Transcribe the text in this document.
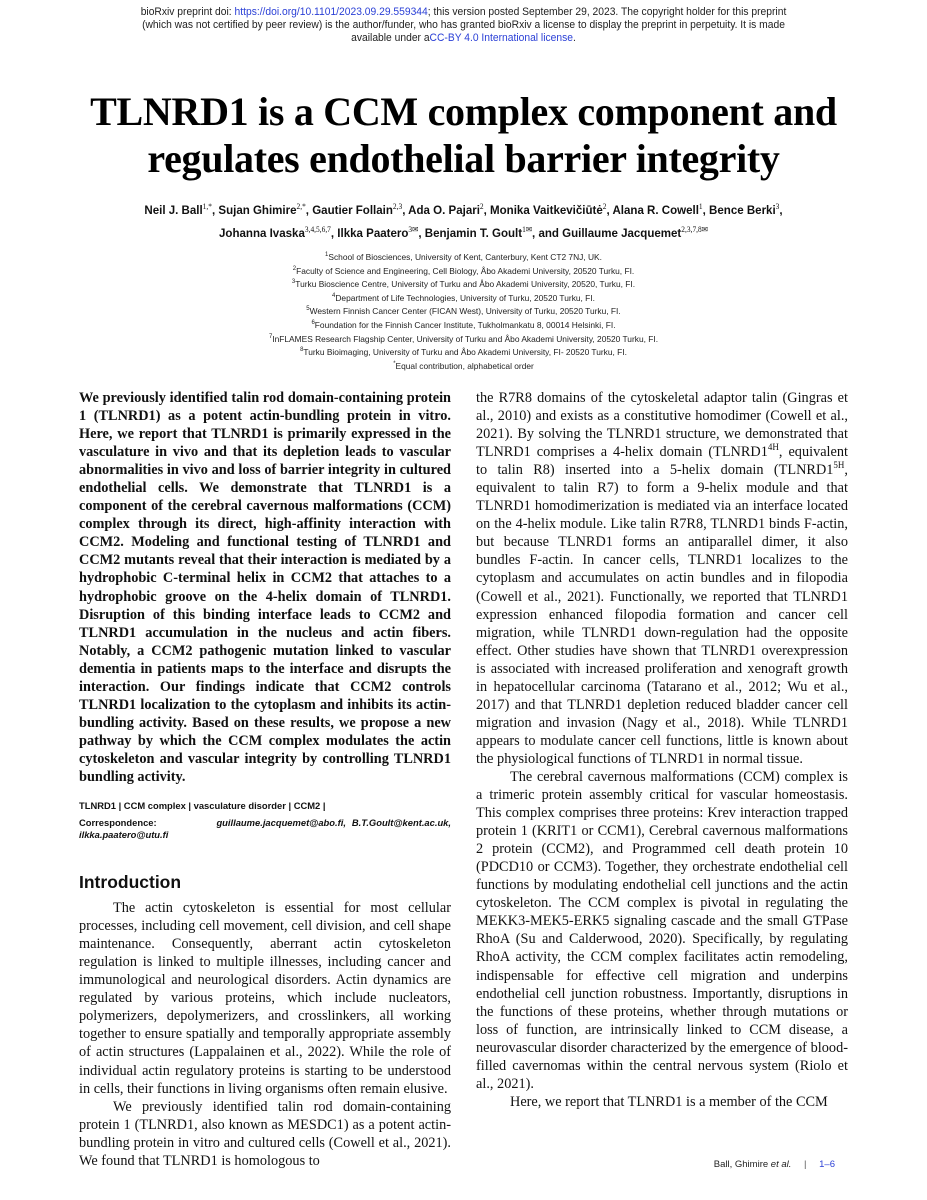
bioRxiv preprint doi: https://doi.org/10.1101/2023.09.29.559344; this version posted September 29, 2023. The copyright holder for this preprint
(which was not certified by peer review) is the author/funder, who has granted bioRxiv a license to display the preprint in perpetuity. It is made
available under aCC-BY 4.0 International license.
TLNRD1 is a CCM complex component and
regulates endothelial barrier integrity
Neil J. Ball$^{1,*}$, Sujan Ghimire$^{2,*}$, Gautier Follain$^{2,3}$, Ada O. Pajari$^2$, Monika Vaitkevičiūtė$^2$, Alana R. Cowell$^1$, Bence Berki$^3$,
Johanna Ivaska$^{3,4,5,6,7}$, Ilkka Paatero$^{3✉}$, Benjamin T. Goult$^{1✉}$, and Guillaume Jacquemet$^{2,3,7,8✉}$
$^1$School of Biosciences, University of Kent, Canterbury, Kent CT2 7NJ, UK.
$^2$Faculty of Science and Engineering, Cell Biology, Åbo Akademi University, 20520 Turku, FI.
$^3$Turku Bioscience Centre, University of Turku and Åbo Akademi University, 20520, Turku, FI.
$^4$Department of Life Technologies, University of Turku, 20520 Turku, FI.
$^5$Western Finnish Cancer Center (FICAN West), University of Turku, 20520 Turku, FI.
$^6$Foundation for the Finnish Cancer Institute, Tukholmankatu 8, 00014 Helsinki, FI.
$^7$InFLAMES Research Flagship Center, University of Turku and Åbo Akademi University, 20520 Turku, FI.
$^8$Turku Bioimaging, University of Turku and Åbo Akademi University, FI- 20520 Turku, FI.
*Equal contribution, alphabetical order

We previously identified talin rod domain-containing protein 1 (TLNRD1) as a potent actin-bundling protein in vitro. Here, we report that TLNRD1 is primarily expressed in the vasculature in vivo and that its depletion leads to vascular abnormalities in vivo and loss of barrier integrity in cultured endothelial cells. We demonstrate that TLNRD1 is a component of the cerebral cavernous malformations (CCM) complex through its direct, high-affinity interaction with CCM2. Modeling and functional testing of TLNRD1 and CCM2 mutants reveal that their interaction is mediated by a hydrophobic C-terminal helix in CCM2 that attaches to a hydrophobic groove on the 4-helix domain of TLNRD1. Disruption of this binding interface leads to CCM2 and TLNRD1 accumulation in the nucleus and actin fibers. Notably, a CCM2 pathogenic mutation linked to vascular dementia in patients maps to the interface and disrupts the interaction. Our findings indicate that CCM2 controls TLNRD1 localization to the cytoplasm and inhibits its actin-bundling activity. Based on these results, we propose a new pathway by which the CCM complex modulates the actin cytoskeleton and vascular integrity by controlling TLNRD1 bundling activity.

TLNRD1 | CCM complex | vasculature disorder | CCM2 |
Correspondence:	guillaume.jacquemet@abo.fi, B.T.Goult@kent.ac.uk, ilkka.paatero@utu.fi
Introduction

The actin cytoskeleton is essential for most cellular processes, including cell movement, cell division, and cell shape maintenance. Consequently, aberrant actin cytoskeleton regulation is linked to multiple illnesses, including cancer and immunological and neurological disorders. Actin dynamics are regulated by various proteins, which include nucleators, polymerizers, depolymerizers, and crosslinkers, all working together to ensure spatially and temporally appropriate assembly of actin structures (Lappalainen et al., 2022). While the role of individual actin regulatory proteins is starting to be understood in cells, their functions in living organisms often remain elusive.

We previously identified talin rod domain-containing protein 1 (TLNRD1, also known as MESDC1) as a potent actin-bundling protein in vitro and cultured cells (Cowell et al., 2021). We found that TLNRD1 is homologous to

the R7R8 domains of the cytoskeletal adaptor talin (Gingras et al., 2010) and exists as a constitutive homodimer (Cowell et al., 2021). By solving the TLNRD1 structure, we demonstrated that TLNRD1 comprises a 4-helix domain ($TLNRD1^{4H}$, equivalent to talin R8) inserted into a 5-helix domain ($TLNRD1^{5H}$, equivalent to talin R7) to form a 9-helix module and that TLNRD1 homodimerization is mediated via an interface located on the 4-helix module. Like talin R7R8, TLNRD1 binds F-actin, but because TLNRD1 forms an antiparallel dimer, it also bundles F-actin. In cancer cells, TLNRD1 localizes to the cytoplasm and accumulates on actin bundles and in filopodia (Cowell et al., 2021). Functionally, we reported that TLNRD1 expression enhanced filopodia formation and cancer cell migration, while TLNRD1 down-regulation had the opposite effect. Other studies have shown that TLNRD1 overexpression is associated with increased proliferation and xenograft growth in hepatocellular carcinoma (Tatarano et al., 2012; Wu et al., 2017) and that TLNRD1 depletion reduced bladder cancer cell migration and invasion (Nagy et al., 2018). While TLNRD1 appears to modulate cancer cell functions, little is known about the physiological functions of TLNRD1 in normal tissue.

The cerebral cavernous malformations (CCM) complex is a trimeric protein assembly critical for vascular homeostasis. This complex comprises three proteins: Krev interaction trapped protein 1 (KRIT1 or CCM1), Cerebral cavernous malformations 2 protein (CCM2), and Programmed cell death protein 10 (PDCD10 or CCM3). Together, they orchestrate endothelial cell functions by modulating endothelial cell junctions and the actin cytoskeleton. The CCM complex is pivotal in regulating the MEKK3-MEK5-ERK5 signaling cascade and the small GTPase RhoA (Su and Calderwood, 2020). Specifically, by regulating RhoA activity, the CCM complex facilitates actin remodeling, indispensable for effective cell migration and underpins endothelial cell junction robustness. Importantly, disruptions in the functions of these proteins, whether through mutations or loss of function, are intrinsically linked to CCM disease, a neurovascular disorder characterized by the emergence of blood-filled cavernomas within the central nervous system (Riolo et al., 2021).

Here, we report that TLNRD1 is a member of the CCM

Ball, Ghimire et al. | 1–6
